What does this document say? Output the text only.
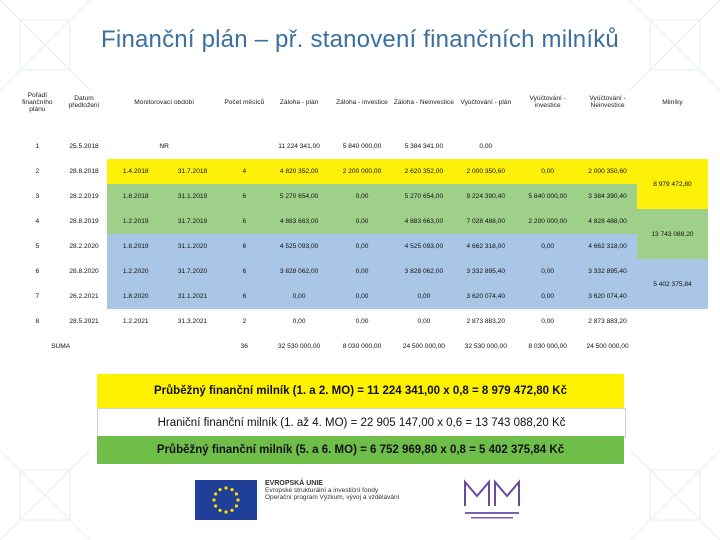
Finanční plán – př. stanovení finančních milníků
Pořadí finančního plánu	Datum předložení	Monitorovací období		Počet měsíců	Záloha - plán	Záloha - investice	Záloha - Neinvestice	Vyúčtování - plán	Vyúčtování - investice	Vyúčtování - Neinvestice	Milníky
1	25.5.2018	NR			11 224 341,00	5 840 000,00	5 384 341,00	0,00			
2	28.8.2018	1.4.2018	31.7.2018	4	4 820 352,00	2 200 000,00	2 620 352,00	2 000 350,60	0,00	2 000 350,60	8 979 472,80
3	28.2.2019	1.8.2018	31.1.2019	6	5 270 654,00	0,00	5 270 654,00	9 224 390,40	5 840 000,00	3 384 390,40	
4	28.8.2019	1.2.2019	31.7.2019	6	4 883 663,00	0,00	4 883 663,00	7 028 488,00	2 200 000,00	4 828 488,00	13 743 088,20
5	28.2.2020	1.8.2019	31.1.2020	6	4 525 093,00	0,00	4 525 093,00	4 662 318,00	0,00	4 662 318,00	
6	28.8.2020	1.2.2020	31.7.2020	6	3 828 062,00	0,00	3 828 062,00	3 332 895,40	0,00	3 332 895,40	5 402 375,84
7	26.2.2021	1.8.2020	31.1.2021	6	0,00	0,00	0,00	3 620 074,40	0,00	3 620 074,40	
8	28.5.2021	1.2.2021	31.3.2021	2	0,00	0,00	0,00	2 873 883,20	0,00	2 873 883,20	
SUMA				36	32 530 000,00	8 030 000,00	24 500 000,00	32 530 000,00	8 030 000,00	24 500 000,00	
Průběžný finanční milník (1. a 2. MO) = 11 224 341,00 x 0,8 = 8 979 472,80 Kč
Hraniční finanční milník (1. až 4. MO) = 22 905 147,00 x 0,6 = 13 743 088,20 Kč
Průběžný finanční milník (5. a 6. MO) = 6 752 969,80 x 0,8 = 5 402 375,84 Kč
EVROPSKÁ UNIE
Evropské strukturální a investiční fondy
Operační program Výzkum, vývoj a vzdělávání
